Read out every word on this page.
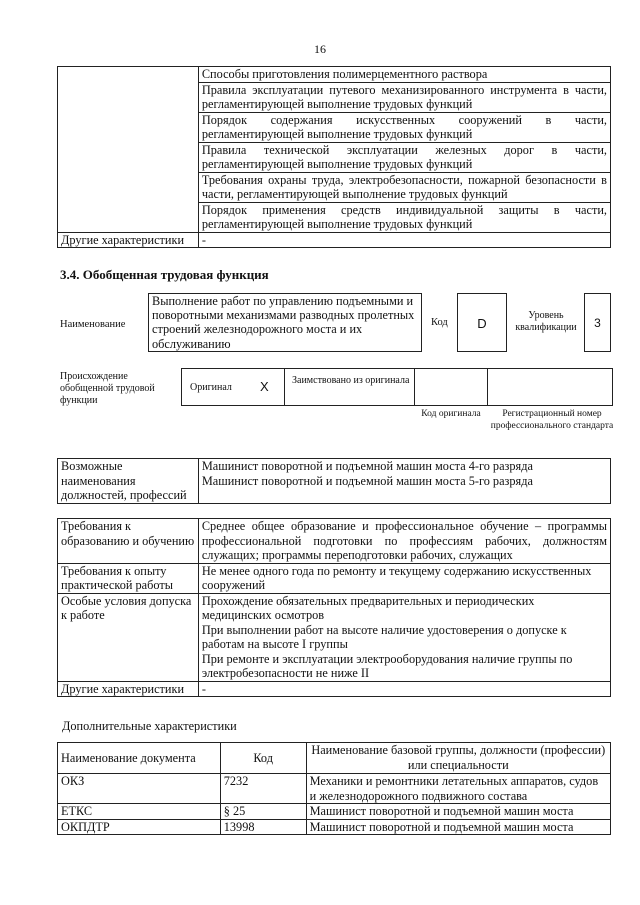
16
	Способы приготовления полимерцементного раствора
	Правила эксплуатации путевого механизированного инструмента в части, регламентирующей выполнение трудовых функций
	Порядок содержания искусственных сооружений в части, регламентирующей выполнение трудовых функций
	Правила технической эксплуатации железных дорог в части, регламентирующей выполнение трудовых функций
	Требования охраны труда, электробезопасности, пожарной безопасности в части, регламентирующей выполнение трудовых функций
	Порядок применения средств индивидуальной защиты в части, регламентирующей выполнение трудовых функций
Другие характеристики	-
3.4. Обобщенная трудовая функция
Наименование
Выполнение работ по управлению подъемными и поворотными механизмами разводных пролетных строений железнодорожного моста и их обслуживанию
Код	D
Уровень квалификации	3
Происхождение обобщенной трудовой функции
Оригинал X Заимствовано из оригинала
Код оригинала	Регистрационный номер профессионального стандарта
Возможные наименования должностей, профессий	
Машинист поворотной и подъемной машин моста 4-го разряда
Машинист поворотной и подъемной машин моста 5-го разряда
Требования к образованию и обучению	Среднее общее образование и профессиональное обучение – программы профессиональной подготовки по профессиям рабочих, должностям служащих; программы переподготовки рабочих, служащих

Требования к опыту практической работы	Не менее одного года по ремонту и текущему содержанию искусственных сооружений

Особые условия допуска к работе	Прохождение обязательных предварительных и периодических медицинских осмотров
При выполнении работ на высоте наличие удостоверения о допуске к работам на высоте I группы
При ремонте и эксплуатации электрооборудования наличие группы по электробезопасности не ниже II

Другие характеристики	-
Дополнительные характеристики
Наименование документа	Код	Наименование базовой группы, должности (профессии) или специальности
ОКЗ	7232	Механики и ремонтники летательных аппаратов, судов и железнодорожного подвижного состава
ЕТКС	§ 25	Машинист поворотной и подъемной машин моста
ОКПДТР	13998	Машинист поворотной и подъемной машин моста
